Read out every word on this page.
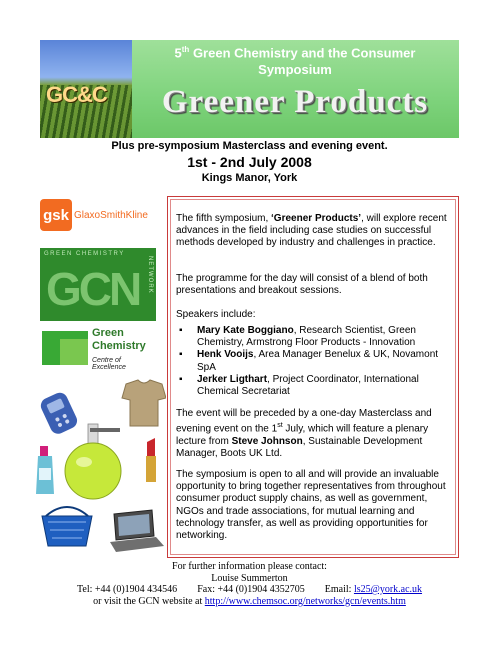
GC&C
5th Green Chemistry and the Consumer
Symposium
Greener Products
Plus pre-symposium Masterclass and evening event.
1st - 2nd July 2008
Kings Manor, York
gsk GlaxoSmithKline
GREEN CHEMISTRY
GCN NETWORK
Green
Chemistry
Centre of Excellence
The fifth symposium, ‘Greener Products’, will explore recent advances in the field including case studies on successful methods developed by industry and challenges in practice.
The programme for the day will consist of a blend of both presentations and breakout sessions.
Speakers include:
▪	Mary Kate Boggiano, Research Scientist, Green Chemistry, Armstrong Floor Products - Innovation
▪	Henk Vooijs, Area Manager Benelux & UK, Novamont SpA
▪	Jerker Ligthart, Project Coordinator, International Chemical Secretariat
The event will be preceded by a one-day Masterclass and evening event on the 1st July, which will feature a plenary lecture from Steve Johnson, Sustainable Development Manager, Boots UK Ltd.
The symposium is open to all and will provide an invaluable opportunity to bring together representatives from throughout consumer product supply chains, as well as government, NGOs and trade associations, for mutual learning and technology transfer, as well as providing opportunities for networking.
For further information please contact:
Louise Summerton
Tel: +44 (0)1904 434546 Fax: +44 (0)1904 4352705 Email: ls25@york.ac.uk
or visit the GCN website at http://www.chemsoc.org/networks/gcn/events.htm
